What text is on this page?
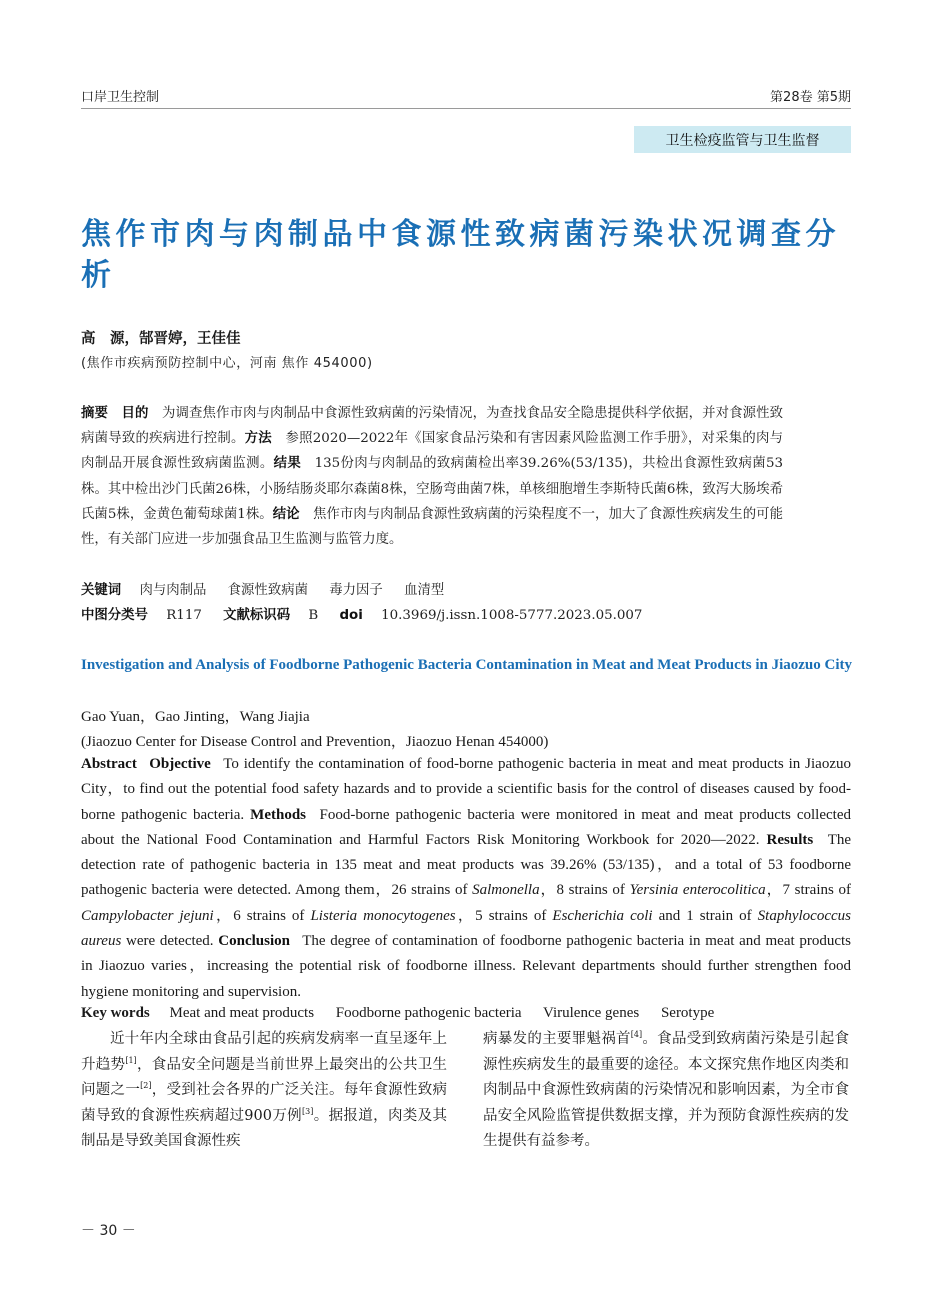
口岸卫生控制	第28卷 第5期
卫生检疫监管与卫生监督
焦作市肉与肉制品中食源性致病菌污染状况调查分析
高　源，郜晋婷，王佳佳
(焦作市疾病预防控制中心，河南 焦作 454000)
摘要  目的  为调查焦作市肉与肉制品中食源性致病菌的污染情况，为查找食品安全隐患提供科学依据，并对食源性致病菌导致的疾病进行控制。方法  参照2020—2022年《国家食品污染和有害因素风险监测工作手册》，对采集的肉与肉制品开展食源性致病菌监测。结果  135份肉与肉制品的致病菌检出率39.26%(53/135)，共检出食源性致病菌53株。其中检出沙门氏菌26株，小肠结肠炎耶尔森菌8株，空肠弯曲菌7株，单核细胞增生李斯特氏菌6株，致泻大肠埃希氏菌5株，金黄色葡萄球菌1株。结论  焦作市肉与肉制品食源性致病菌的污染程度不一，加大了食源性疾病发生的可能性，有关部门应进一步加强食品卫生监测与监管力度。
关键词 肉与肉制品 食源性致病菌 毒力因子 血清型
中图分类号 R117 文献标识码 B doi 10.3969/j.issn.1008-5777.2023.05.007
Investigation and Analysis of Foodborne Pathogenic Bacteria Contamination in Meat and Meat Products in Jiaozuo City
Gao Yuan，Gao Jinting，Wang Jiajia
(Jiaozuo Center for Disease Control and Prevention，Jiaozuo Henan 454000)
Abstract  Objective  To identify the contamination of food-borne pathogenic bacteria in meat and meat products in Jiaozuo City，to find out the potential food safety hazards and to provide a scientific basis for the control of diseases caused by food-borne pathogenic bacteria. Methods  Food-borne pathogenic bacteria were monitored in meat and meat products collected about the National Food Contamination and Harmful Factors Risk Monitoring Workbook for 2020—2022. Results  The detection rate of pathogenic bacteria in 135 meat and meat products was 39.26% (53/135)，and a total of 53 foodborne pathogenic bacteria were detected. Among them，26 strains of Salmonella，8 strains of Yersinia enterocolitica，7 strains of Campylobacter jejuni，6 strains of Listeria monocytogenes，5 strains of Escherichia coli and 1 strain of Staphylococcus aureus were detected. Conclusion  The degree of contamination of foodborne pathogenic bacteria in meat and meat products in Jiaozuo varies，increasing the potential risk of foodborne illness. Relevant departments should further strengthen food hygiene monitoring and supervision.
Key words Meat and meat products Foodborne pathogenic bacteria Virulence genes Serotype

近十年内全球由食品引起的疾病发病率一直呈逐年上升趋势[1]，食品安全问题是当前世界上最突出的公共卫生问题之一[2]，受到社会各界的广泛关注。每年食源性致病菌导致的食源性疾病超过900万例[3]。据报道，肉类及其制品是导致美国食源性疾

病暴发的主要罪魁祸首[4]。食品受到致病菌污染是引起食源性疾病发生的最重要的途径。本文探究焦作地区肉类和肉制品中食源性致病菌的污染情况和影响因素，为全市食品安全风险监管提供数据支撑，并为预防食源性疾病的发生提供有益参考。

－ 30 －
